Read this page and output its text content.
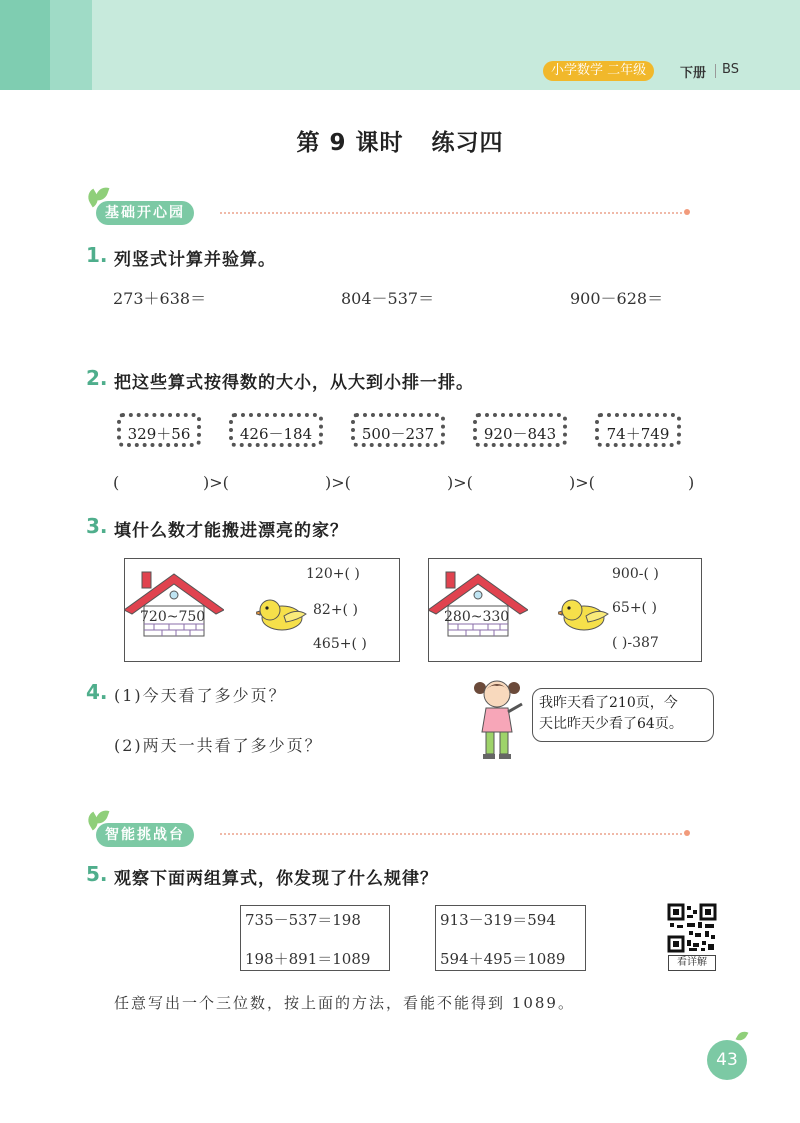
小学数学 二年级	下册 BS
第 9 课时 练习四
基础开心园
1. 列竖式计算并验算。
273＋638＝	804－537＝	900－628＝
2. 把这些算式按得数的大小，从大到小排一排。
329＋56	426－184	500－237	920－843	74＋749
(	)>(	)>(	)>(	)>(	)
3. 填什么数才能搬进漂亮的家？
720~750
120+( )
82+( )
465+( )
280~330
900-( )
65+( )
( )-387
4. (1)今天看了多少页？
(2)两天一共看了多少页？
我昨天看了210页，今
天比昨天少看了64页。
智能挑战台
5. 观察下面两组算式，你发现了什么规律？
735－537＝198
198＋891＝1089
913－319＝594
594＋495＝1089	看详解
任意写出一个三位数，按上面的方法，看能不能得到 1089。
43
